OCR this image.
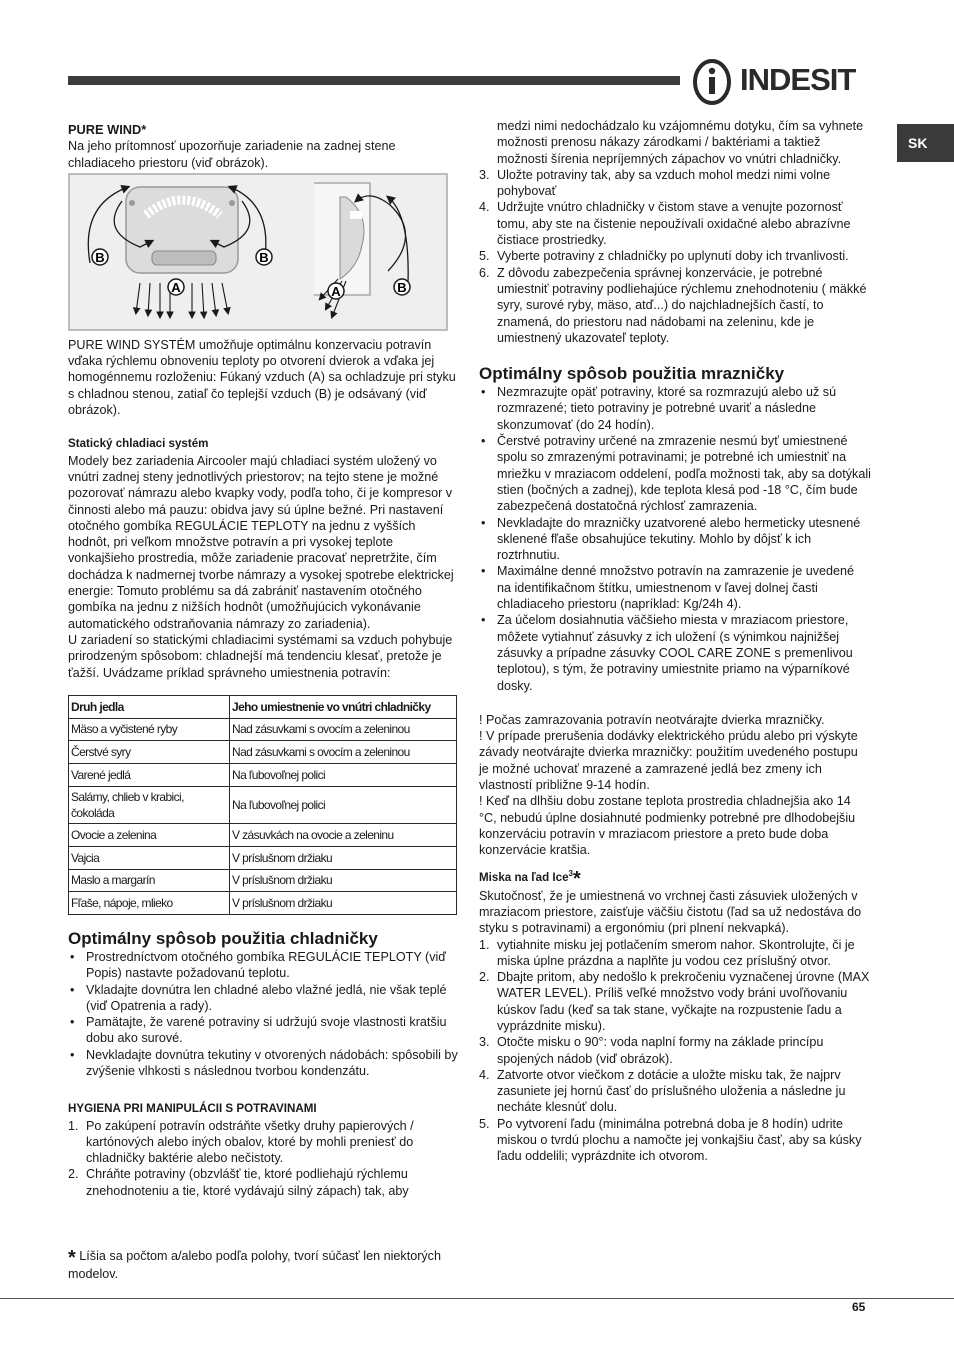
INDESIT
SK

PURE WIND*

Na jeho prítomnosť upozorňuje zariadenie na zadnej stene chladiaceho priestoru (viď obrázok).

B	B
A	A	B

PURE WIND SYSTÉM umožňuje optimálnu konzervaciu potravín vďaka rýchlemu obnoveniu teploty po otvorení dvierok a vďaka jej homogénnemu rozloženiu: Fúkaný vzduch (A) sa ochladzuje pri styku s chladnou stenou, zatiaľ čo teplejší vzduch (B) je odsávaný (viď obrázok).

Statický chladiaci systém

Modely bez zariadenia Aircooler majú chladiaci systém uložený vo vnútri zadnej steny jednotlivých priestorov; na tejto stene je možné pozorovať námrazu alebo kvapky vody, podľa toho, či je kompresor v činnosti alebo má pauzu: obidva javy sú úplne bežné. Pri nastavení otočného gombíka REGULÁCIE TEPLOTY na jednu z vyšších hodnôt, pri veľkom množstve potravín a pri vysokej teplote vonkajšieho prostredia, môže zariadenie pracovať nepretržite, čím dochádza k nadmernej tvorbe námrazy a vysokej spotrebe elektrickej energie: Tomuto problému sa dá zabrániť nastavením otočného gombíka na jednu z nižších hodnôt (umožňujúcich vykonávanie automatického odstraňovania námrazy zo zariadenia).

U zariadení so statickými chladiacimi systémami sa vzduch pohybuje prirodzeným spôsobom: chladnejší má tendenciu klesať, pretože je ťažší. Uvádzame príklad správneho umiestnenia potravín:

Druh jedla	Jeho umiestnenie vo vnútri chladničky
Mäso a vyčistené ryby	Nad zásuvkami s ovocím a zeleninou
Čerstvé syry	Nad zásuvkami s ovocím a zeleninou
Varené jedlá	Na ľubovoľnej polici
Salámy, chlieb v krabici, čokoláda	Na ľubovoľnej polici
Ovocie a zelenina	V zásuvkách na ovocie a zeleninu
Vajcia	V príslušnom držiaku
Maslo a margarín	V príslušnom držiaku
Fľaše, nápoje, mlieko	V príslušnom držiaku

Optimálny spôsob použitia chladničky

• Prostredníctvom otočného gombíka REGULÁCIE TEPLOTY (viď Popis) nastavte požadovanú teplotu.
• Vkladajte dovnútra len chladné alebo vlažné jedlá, nie však teplé (viď Opatrenia a rady).
• Pamätajte, že varené potraviny si udržujú svoje vlastnosti kratšiu dobu ako surové.
• Nevkladajte dovnútra tekutiny v otvorených nádobách: spôsobili by zvýšenie vlhkosti s následnou tvorbou kondenzátu.

HYGIENA PRI MANIPULÁCII S POTRAVINAMI

1. Po zakúpení potravín odstráňte všetky druhy papierových / kartónových alebo iných obalov, ktoré by mohli preniesť do chladničky baktérie alebo nečistoty.
2. Chráňte potraviny (obzvlášť tie, ktoré podliehajú rýchlemu znehodnoteniu a tie, ktoré vydávajú silný zápach) tak, aby
* Líšia sa počtom a/alebo podľa polohy, tvorí súčasť len niektorých modelov.

medzi nimi nedochádzalo ku vzájomnému dotyku, čím sa vyhnete možnosti prenosu nákazy zárodkami / baktériami a taktiež možnosti šírenia nepríjemných zápachov vo vnútri chladničky.

3. Uložte potraviny tak, aby sa vzduch mohol medzi nimi volne pohybovať
4. Udržujte vnútro chladničky v čistom stave a venujte pozornosť tomu, aby ste na čistenie nepoužívali oxidačné alebo abrazívne čistiace prostriedky.
5. Vyberte potraviny z chladničky po uplynutí doby ich trvanlivosti.
6. Z dôvodu zabezpečenia správnej konzervácie, je potrebné umiestniť potraviny podliehajúce rýchlemu znehodnoteniu ( mäkké syry, surové ryby, mäso, atď...) do najchladnejších častí, to znamená, do priestoru nad nádobami na zeleninu, kde je umiestnený ukazovateľ teploty.

Optimálny spôsob použitia mrazničky

• Nezmrazujte opäť potraviny, ktoré sa rozmrazujú alebo už sú rozmrazené; tieto potraviny je potrebné uvariť a následne skonzumovať (do 24 hodín).
• Čerstvé potraviny určené na zmrazenie nesmú byť umiestnené spolu so zmrazenými potravinami; je potrebné ich umiestniť na mriežku v mraziacom oddelení, podľa možnosti tak, aby sa dotýkali stien (bočných a zadnej), kde teplota klesá pod -18 °C, čím bude zabezpečená dostatočná rýchlosť zamrazenia.
• Nevkladajte do mrazničky uzatvorené alebo hermeticky utesnené sklenené fľaše obsahujúce tekutiny. Mohlo by dôjsť k ich roztrhnutiu.
• Maximálne denné množstvo potravín na zamrazenie je uvedené na identifikačnom štítku, umiestnenom v ľavej dolnej časti chladiaceho priestoru (napríklad: Kg/24h 4).
• Za účelom dosiahnutia väčšieho miesta v mraziacom priestore, môžete vytiahnuť zásuvky z ich uložení (s výnimkou najnižšej zásuvky a prípadne zásuvky COOL CARE ZONE s premenlivou teplotou), s tým, že potraviny umiestnite priamo na výparníkové dosky.

! Počas zamrazovania potravín neotvárajte dvierka mrazničky.

! V prípade prerušenia dodávky elektrického prúdu alebo pri výskyte závady neotvárajte dvierka mrazničky: použitím uvedeného postupu je možné uchovať mrazené a zamrazené jedlá bez zmeny ich vlastností približne 9-14 hodín.

! Keď na dlhšiu dobu zostane teplota prostredia chladnejšia ako 14 °C, nebudú úplne dosiahnuté podmienky potrebné pre dlhodobejšiu konzerváciu potravín v mraziacom priestore a preto bude doba konzervácie kratšia.

Miska na ľad Ice$^3$*

Skutočnosť, že je umiestnená vo vrchnej časti zásuviek uložených v mraziacom priestore, zaisťuje väčšiu čistotu (ľad sa už nedostáva do styku s potravinami) a ergonómiu (pri plnení nekvapká).

1. vytiahnite misku jej potlačením smerom nahor. Skontrolujte, či je miska úplne prázdna a naplňte ju vodou cez príslušný otvor.
2. Dbajte pritom, aby nedošlo k prekročeniu vyznačenej úrovne (MAX WATER LEVEL). Príliš veľké množstvo vody bráni uvoľňovaniu kúskov ľadu (keď sa tak stane, vyčkajte na rozpustenie ľadu a vyprázdnite misku).
3. Otočte misku o 90°: voda naplní formy na základe princípu spojených nádob (viď obrázok).
4. Zatvorte otvor viečkom z dotácie a uložte misku tak, že najprv zasuniete jej hornú časť do príslušného uloženia a následne ju necháte klesnúť dolu.
5. Po vytvorení ľadu (minimálna potrebná doba je 8 hodín) udrite miskou o tvrdú plochu a namočte jej vonkajšiu časť, aby sa kúsky ľadu oddelili; vyprázdnite ich otvorom.
65
